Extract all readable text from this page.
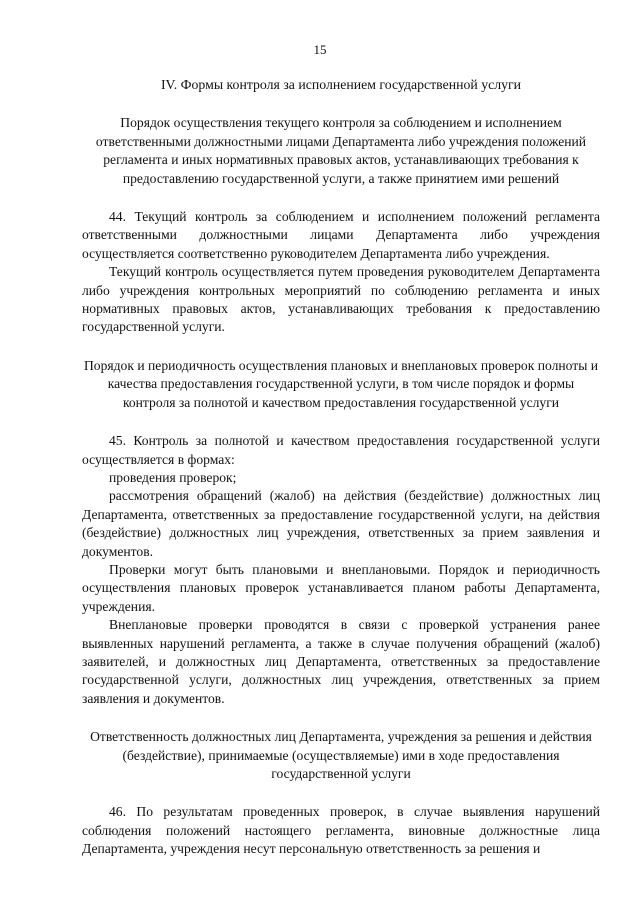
15

IV. Формы контроля за исполнением государственной услуги

Порядок осуществления текущего контроля за соблюдением и исполнением ответственными должностными лицами Департамента либо учреждения положений регламента и иных нормативных правовых актов, устанавливающих требования к предоставлению государственной услуги, а также принятием ими решений

44. Текущий контроль за соблюдением и исполнением положений регламента ответственными должностными лицами Департамента либо учреждения осуществляется соответственно руководителем Департамента либо учреждения.

Текущий контроль осуществляется путем проведения руководителем Департамента либо учреждения контрольных мероприятий по соблюдению регламента и иных нормативных правовых актов, устанавливающих требования к предоставлению государственной услуги.

Порядок и периодичность осуществления плановых и внеплановых проверок полноты и качества предоставления государственной услуги, в том числе порядок и формы контроля за полнотой и качеством предоставления государственной услуги

45. Контроль за полнотой и качеством предоставления государственной услуги осуществляется в формах:

проведения проверок;

рассмотрения обращений (жалоб) на действия (бездействие) должностных лиц Департамента, ответственных за предоставление государственной услуги, на действия (бездействие) должностных лиц учреждения, ответственных за прием заявления и документов.

Проверки могут быть плановыми и внеплановыми. Порядок и периодичность осуществления плановых проверок устанавливается планом работы Департамента, учреждения.

Внеплановые проверки проводятся в связи с проверкой устранения ранее выявленных нарушений регламента, а также в случае получения обращений (жалоб) заявителей, и должностных лиц Департамента, ответственных за предоставление государственной услуги, должностных лиц учреждения, ответственных за прием заявления и документов.

Ответственность должностных лиц Департамента, учреждения за решения и действия (бездействие), принимаемые (осуществляемые) ими в ходе предоставления государственной услуги

46. По результатам проведенных проверок, в случае выявления нарушений соблюдения положений настоящего регламента, виновные должностные лица Департамента, учреждения несут персональную ответственность за решения и
